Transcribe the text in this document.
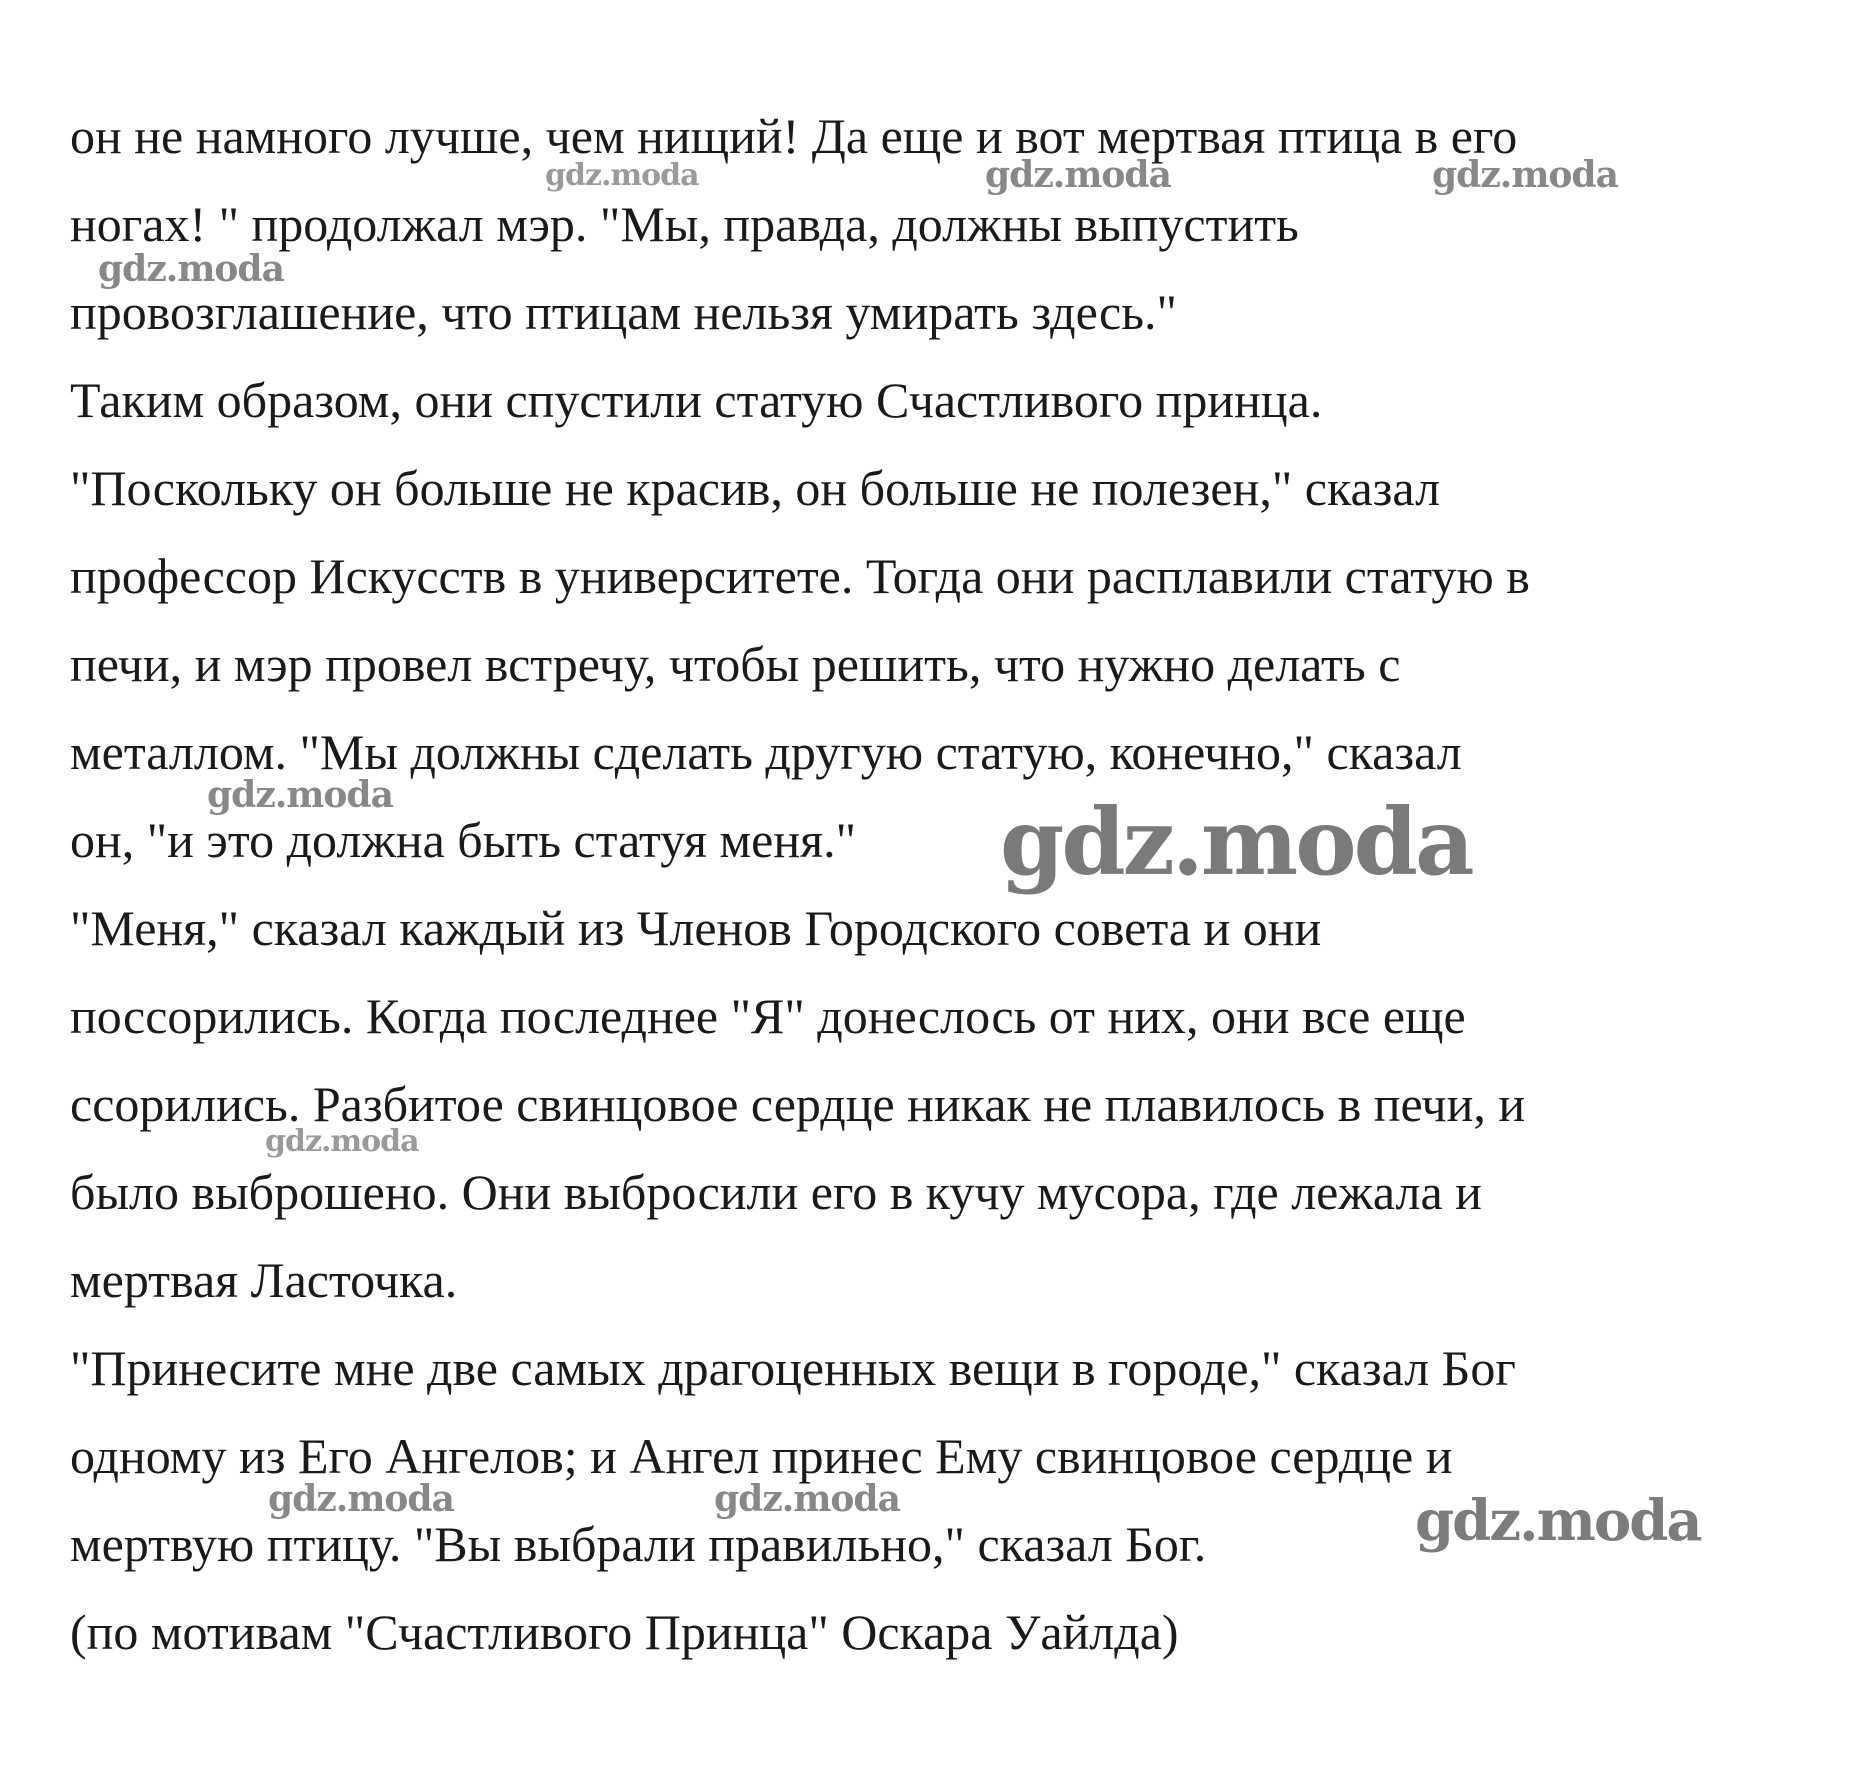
он не намного лучше, чем нищий! Да еще и вот мертвая птица в его
ногах! " продолжал мэр. "Мы, правда, должны выпустить
провозглашение, что птицам нельзя умирать здесь."
Таким образом, они спустили статую Счастливого принца.
"Поскольку он больше не красив, он больше не полезен," сказал
профессор Искусств в университете. Тогда они расплавили статую в
печи, и мэр провел встречу, чтобы решить, что нужно делать с
металлом. "Мы должны сделать другую статую, конечно," сказал
он, "и это должна быть статуя меня."
"Меня," сказал каждый из Членов Городского совета и они
поссорились. Когда последнее "Я" донеслось от них, они все еще
ссорились. Разбитое свинцовое сердце никак не плавилось в печи, и
было выброшено. Они выбросили его в кучу мусора, где лежала и
мертвая Ласточка.
"Принесите мне две самых драгоценных вещи в городе," сказал Бог
одному из Его Ангелов; и Ангел принес Ему свинцовое сердце и
мертвую птицу. "Вы выбрали правильно," сказал Бог.
(по мотивам "Счастливого Принца" Оскара Уайлда)
gdz.moda	gdz.moda	gdz.moda
gdz.moda
gdz.moda	gdz.moda
gdz.moda
gdz.moda	gdz.moda	gdz.moda
